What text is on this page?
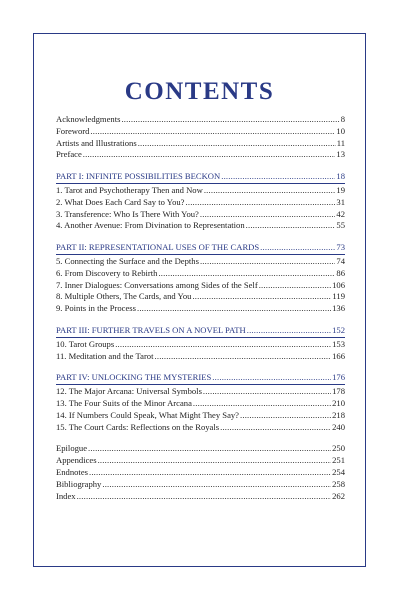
CONTENTS
Acknowledgments .....	8
Foreword .....	10
Artists and Illustrations .....	11
Preface .....	13
PART I: INFINITE POSSIBILITIES BECKON .....	18
1. Tarot and Psychotherapy Then and Now .....	19
2. What Does Each Card Say to You? .....	31
3. Transference: Who Is There With You? .....	42
4. Another Avenue: From Divination to Representation .....	55
PART II: REPRESENTATIONAL USES OF THE CARDS .....	73
5. Connecting the Surface and the Depths .....	74
6. From Discovery to Rebirth .....	86
7. Inner Dialogues: Conversations among Sides of the Self .....	106
8. Multiple Others, The Cards, and You .....	119
9. Points in the Process .....	136
PART III: FURTHER TRAVELS ON A NOVEL PATH .....	152
10. Tarot Groups .....	153
11. Meditation and the Tarot .....	166
PART IV: UNLOCKING THE MYSTERIES .....	176
12. The Major Arcana: Universal Symbols .....	178
13. The Four Suits of the Minor Arcana .....	210
14. If Numbers Could Speak, What Might They Say? .....	218
15. The Court Cards: Reflections on the Royals .....	240
Epilogue .....	250
Appendices .....	251
Endnotes .....	254
Bibliography .....	258
Index .....	262
